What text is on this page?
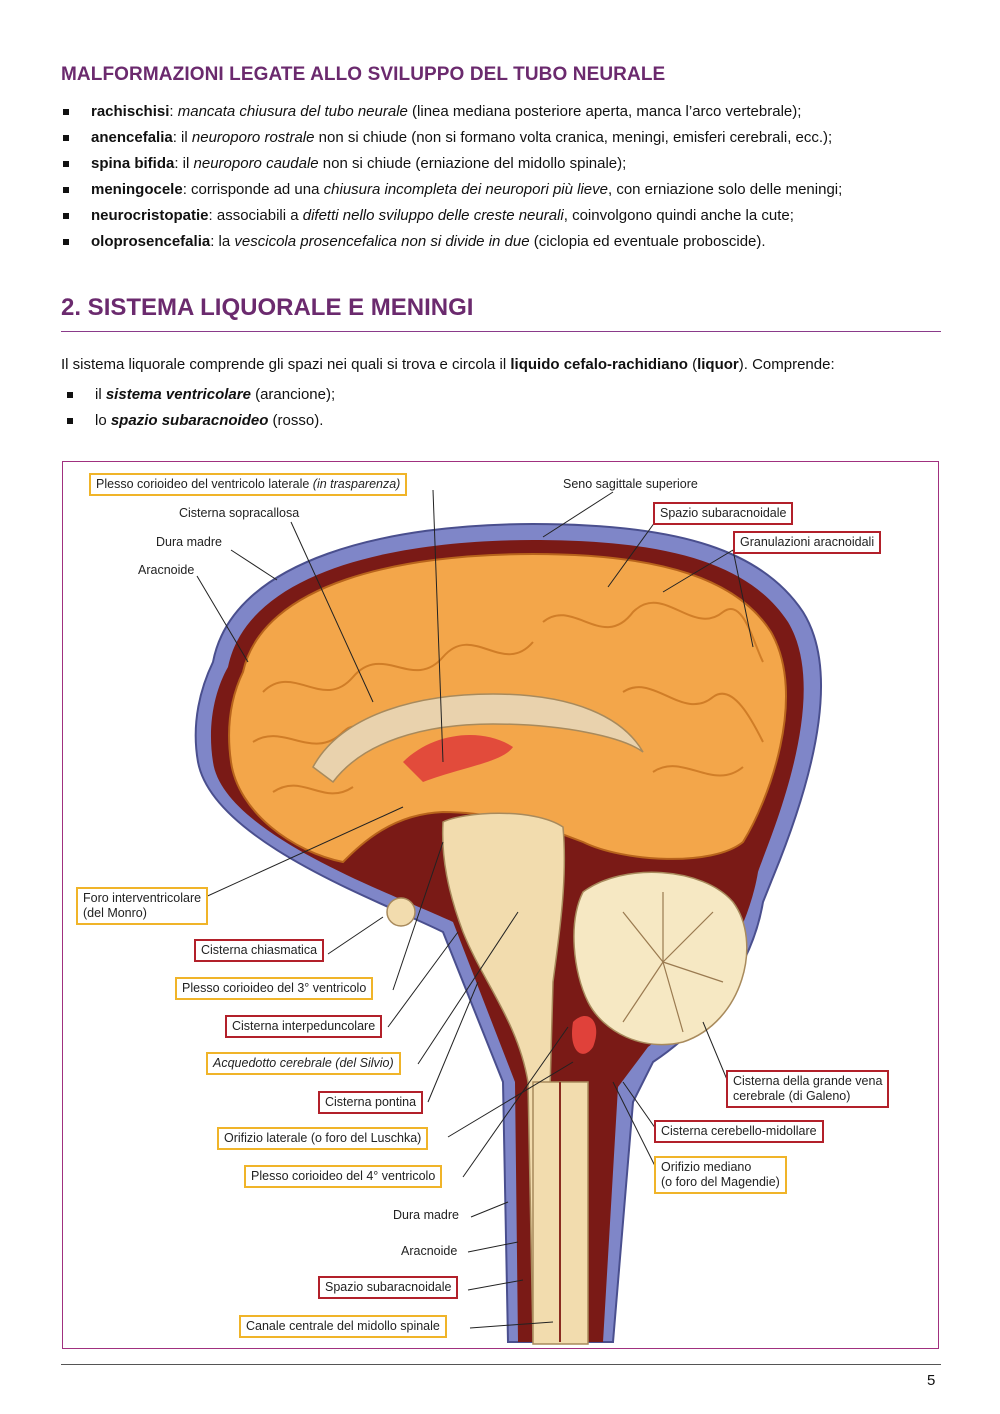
MALFORMAZIONI LEGATE ALLO SVILUPPO DEL TUBO NEURALE
rachischisi: mancata chiusura del tubo neurale (linea mediana posteriore aperta, manca l’arco vertebrale);
anencefalia: il neuroporo rostrale non si chiude (non si formano volta cranica, meningi, emisferi cerebrali, ecc.);
spina bifida: il neuroporo caudale non si chiude (erniazione del midollo spinale);
meningocele: corrisponde ad una chiusura incompleta dei neuropori più lieve, con erniazione solo delle meningi;
neurocristopatie: associabili a difetti nello sviluppo delle creste neurali, coinvolgono quindi anche la cute;
oloprosencefalia: la vescicola prosencefalica non si divide in due (ciclopia ed eventuale proboscide).
2. SISTEMA LIQUORALE E MENINGI

Il sistema liquorale comprende gli spazi nei quali si trova e circola il liquido cefalo-rachidiano (liquor). Comprende:

il sistema ventricolare (arancione);
lo spazio subaracnoideo (rosso).
Plesso corioideo del ventricolo laterale (in trasparenza)	Seno sagittale superiore
Cisterna sopracallosa	Spazio subaracnoidale
Dura madre	Granulazioni aracnoidali
Aracnoide
Foro interventricolare
(del Monro)
Cisterna chiasmatica
Plesso corioideo del 3° ventricolo
Cisterna interpeduncolare
Acquedotto cerebrale (del Silvio)
Cisterna pontina
Orifizio laterale (o foro del Luschka)
Plesso corioideo del 4° ventricolo
Dura madre
Aracnoide
Spazio subaracnoidale
Canale centrale del midollo spinale
Cisterna della grande vena
cerebrale (di Galeno)
Cisterna cerebello-midollare
Orifizio mediano
(o foro del Magendie)
5
